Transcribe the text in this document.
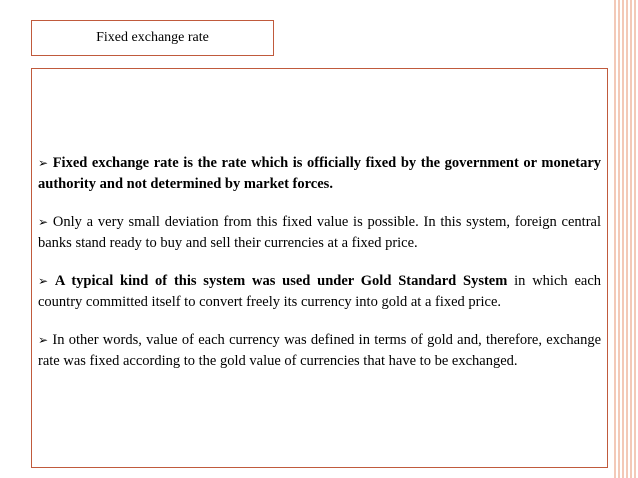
Fixed exchange rate

➢ Fixed exchange rate is the rate which is officially fixed by the government or monetary authority and not determined by market forces.

➢ Only a very small deviation from this fixed value is possible. In this system, foreign central banks stand ready to buy and sell their currencies at a fixed price.

➢ A typical kind of this system was used under Gold Standard System in which each country committed itself to convert freely its currency into gold at a fixed price.

➢ In other words, value of each currency was defined in terms of gold and, therefore, exchange rate was fixed according to the gold value of currencies that have to be exchanged.
